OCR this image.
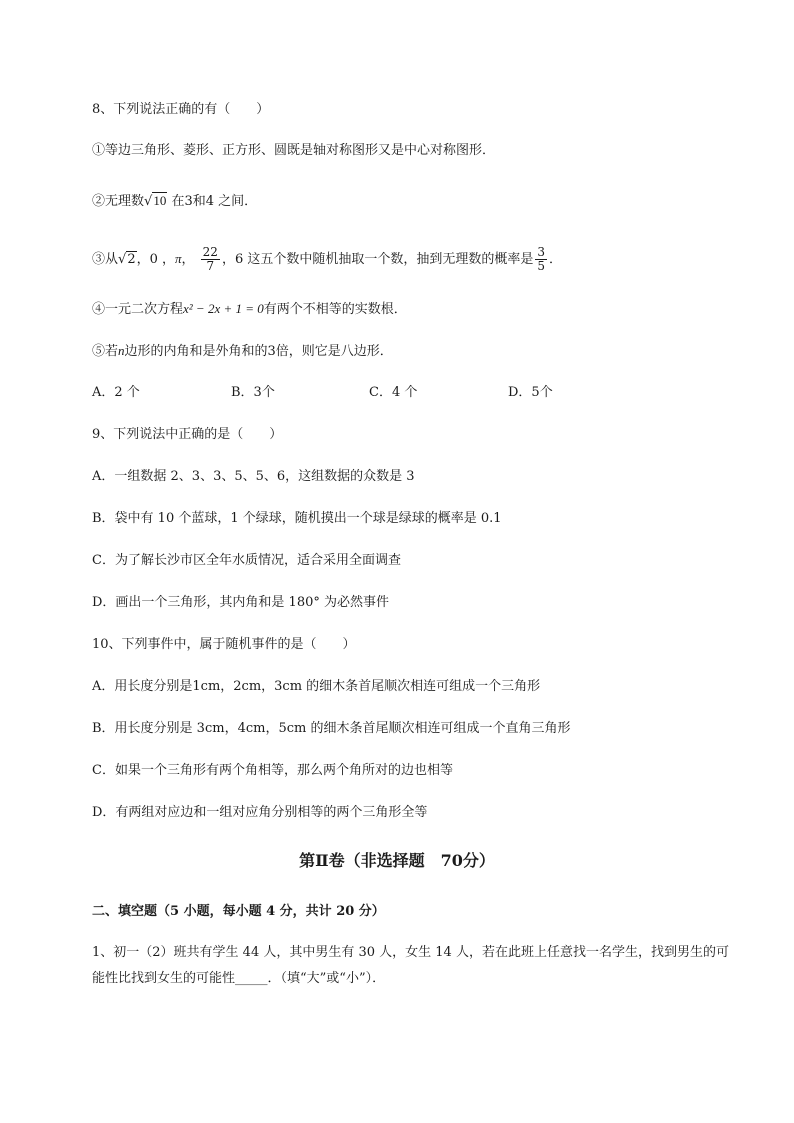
8、下列说法正确的有（　　）
①等边三角形、菱形、正方形、圆既是轴对称图形又是中心对称图形．
②无理数√10 在3和4 之间．
③从√2，0 ，π， $\frac{22}{7}$ ，6 这五个数中随机抽取一个数，抽到无理数的概率是 $\frac{3}{5}$ ．
④一元二次方程x² − 2x + 1 = 0有两个不相等的实数根．
⑤若n边形的内角和是外角和的3倍，则它是八边形．
A．2 个	B．3个	C．4 个	D．5个
9、下列说法中正确的是（　　）
A．一组数据 2、3、3、5、5、6，这组数据的众数是 3
B．袋中有 10 个蓝球，1 个绿球，随机摸出一个球是绿球的概率是 0.1
C．为了解长沙市区全年水质情况，适合采用全面调查
D．画出一个三角形，其内角和是 180° 为必然事件
10、下列事件中，属于随机事件的是（　　）
A．用长度分别是1cm，2cm，3cm 的细木条首尾顺次相连可组成一个三角形
B．用长度分别是 3cm，4cm，5cm 的细木条首尾顺次相连可组成一个直角三角形
C．如果一个三角形有两个角相等，那么两个角所对的边也相等
D．有两组对应边和一组对应角分别相等的两个三角形全等
第Ⅱ卷（非选择题　70分）
二、填空题（5 小题，每小题 4 分，共计 20 分）
1、初一（2）班共有学生 44 人，其中男生有 30 人，女生 14 人，若在此班上任意找一名学生，找到男生的可能性比找到女生的可能性_____．（填“大”或“小”）．
